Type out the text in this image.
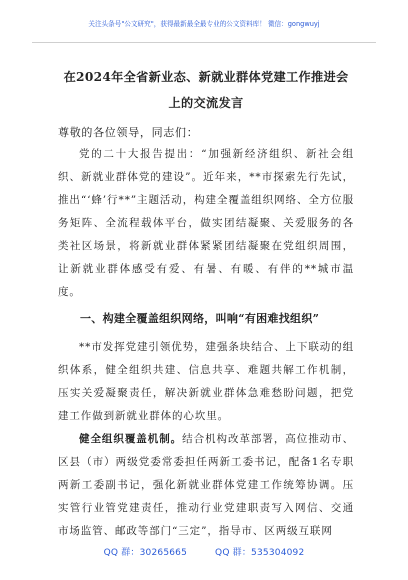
关注头条号"公文研究"，获得最新最全最专业的公文资料库！ 微信：gongwuyj
在2024年全省新业态、新就业群体党建工作推进会上的交流发言

尊敬的各位领导，同志们：

党的二十大报告提出：“加强新经济组织、新社会组织、新就业群体党的建设”。近年来，**市探索先行先试，推出“‘蜂’行**”主题活动，构建全覆盖组织网络、全方位服务矩阵、全流程载体平台，做实团结凝聚、关爱服务的各类社区场景，将新就业群体紧紧团结凝聚在党组织周围，让新就业群体感受有爱、有暑、有暖、有伴的**城市温度。

一、构建全覆盖组织网络，叫响“有困难找组织”

**市发挥党建引领优势，建强条块结合、上下联动的组织体系，健全组织共建、信息共享、难题共解工作机制，压实关爱凝聚责任，解决新就业群体急难愁盼问题，把党建工作做到新就业群体的心坎里。

健全组织覆盖机制。结合机构改革部署，高位推动市、区县（市）两级党委常委担任两新工委书记，配备1名专职两新工委副书记，强化新就业群体党建工作统筹协调。压实管行业管党建责任，推动行业党建职责写入网信、交通市场监管、邮政等部门“三定”，指导市、区两级互联网

QQ 群：30265665	QQ 群：535304092
